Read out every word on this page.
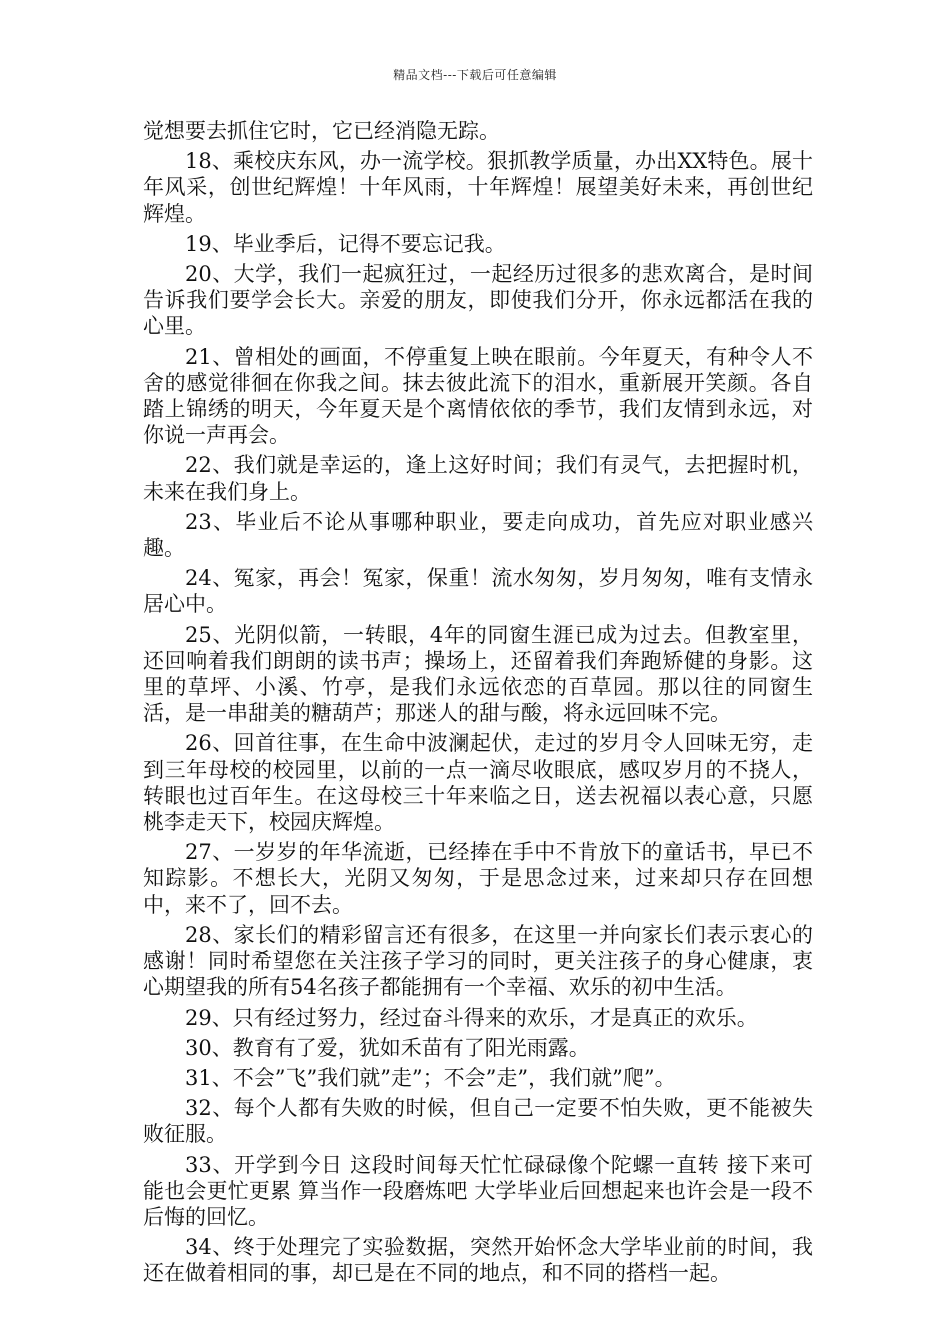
精品文档---下载后可任意编辑

觉想要去抓住它时，它已经消隐无踪。

18、乘校庆东风，办一流学校。狠抓教学质量，办出XX特色。展十年风采，创世纪辉煌！十年风雨，十年辉煌！展望美好未来，再创世纪辉煌。

19、毕业季后，记得不要忘记我。

20、大学，我们一起疯狂过，一起经历过很多的悲欢离合，是时间告诉我们要学会长大。亲爱的朋友，即使我们分开，你永远都活在我的心里。

21、曾相处的画面，不停重复上映在眼前。今年夏天，有种令人不舍的感觉徘徊在你我之间。抹去彼此流下的泪水，重新展开笑颜。各自踏上锦绣的明天，今年夏天是个离情依依的季节，我们友情到永远，对你说一声再会。

22、我们就是幸运的，逢上这好时间；我们有灵气，去把握时机，未来在我们身上。

23、毕业后不论从事哪种职业，要走向成功，首先应对职业感兴趣。

24、冤家，再会！冤家，保重！流水匆匆，岁月匆匆，唯有支情永居心中。

25、光阴似箭，一转眼，4年的同窗生涯已成为过去。但教室里，还回响着我们朗朗的读书声；操场上，还留着我们奔跑矫健的身影。这里的草坪、小溪、竹亭，是我们永远依恋的百草园。那以往的同窗生活，是一串甜美的糖葫芦；那迷人的甜与酸，将永远回味不完。

26、回首往事，在生命中波澜起伏，走过的岁月令人回味无穷，走到三年母校的校园里，以前的一点一滴尽收眼底，感叹岁月的不挠人，转眼也过百年生。在这母校三十年来临之日，送去祝福以表心意，只愿桃李走天下，校园庆辉煌。

27、一岁岁的年华流逝，已经捧在手中不肯放下的童话书，早已不知踪影。不想长大，光阴又匆匆，于是思念过来，过来却只存在回想中，来不了，回不去。

28、家长们的精彩留言还有很多，在这里一并向家长们表示衷心的感谢！同时希望您在关注孩子学习的同时，更关注孩子的身心健康，衷心期望我的所有54名孩子都能拥有一个幸福、欢乐的初中生活。

29、只有经过努力，经过奋斗得来的欢乐，才是真正的欢乐。

30、教育有了爱，犹如禾苗有了阳光雨露。

31、不会”飞”我们就”走”；不会”走”，我们就”爬”。

32、每个人都有失败的时候，但自己一定要不怕失败，更不能被失败征服。

33、开学到今日 这段时间每天忙忙碌碌像个陀螺一直转 接下来可能也会更忙更累 算当作一段磨炼吧 大学毕业后回想起来也许会是一段不后悔的回忆。

34、终于处理完了实验数据，突然开始怀念大学毕业前的时间，我还在做着相同的事，却已是在不同的地点，和不同的搭档一起。
